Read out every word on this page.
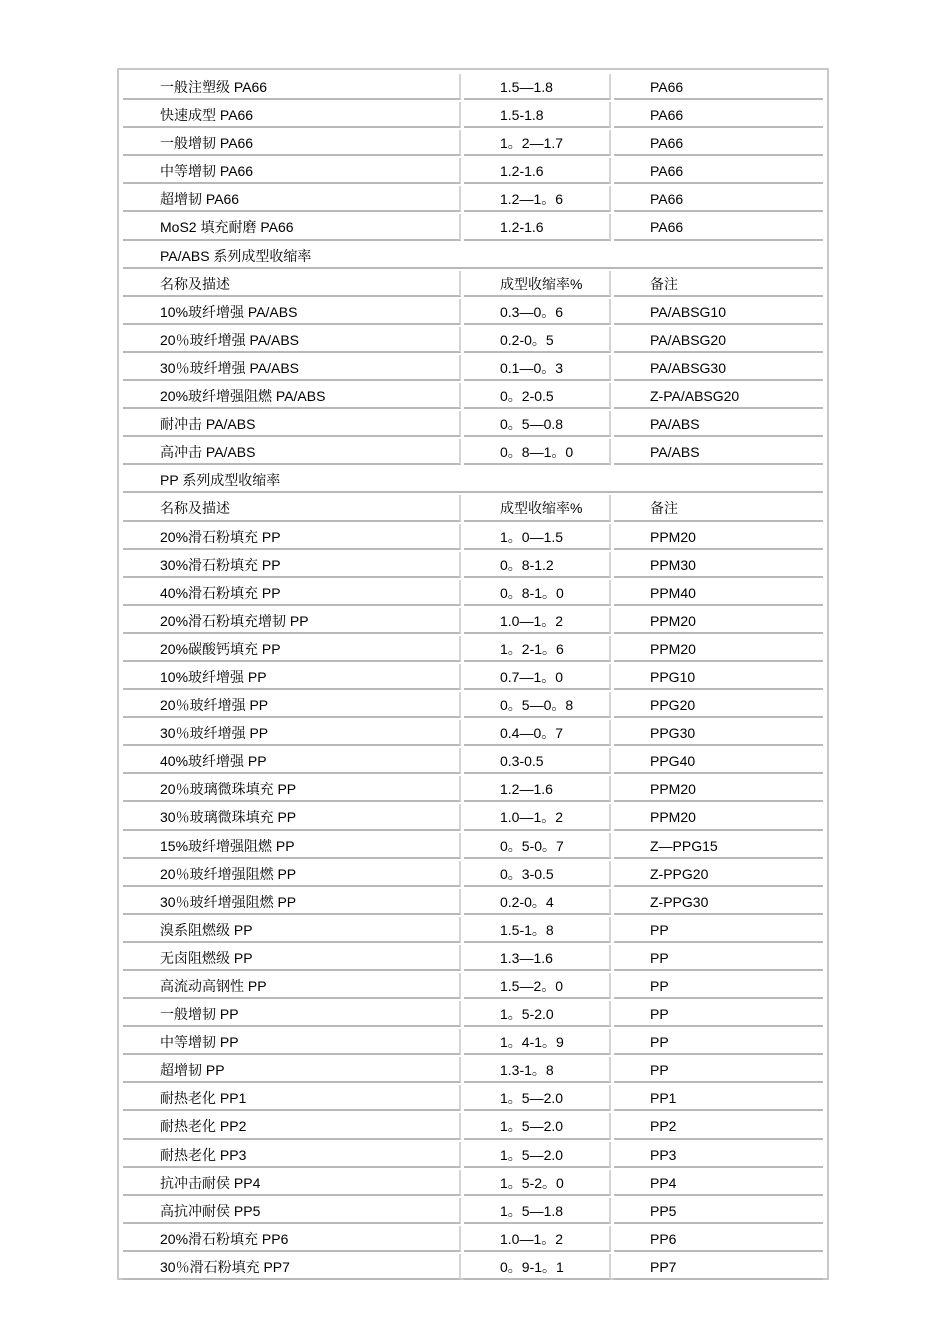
一般注塑级 PA66	1.5—1.8	PA66
快速成型 PA66	1.5-1.8	PA66
一般增韧 PA66	1。2—1.7	PA66
中等增韧 PA66	1.2-1.6	PA66
超增韧 PA66	1.2—1。6	PA66
MoS2 填充耐磨 PA66	1.2-1.6	PA66
PA/ABS 系列成型收缩率
名称及描述	成型收缩率%	备注
10%玻纤增强 PA/ABS	0.3—0。6	PA/ABSG10
20％玻纤增强 PA/ABS	0.2-0。5	PA/ABSG20
30％玻纤增强 PA/ABS	0.1—0。3	PA/ABSG30
20%玻纤增强阻燃 PA/ABS	0。2-0.5	Z-PA/ABSG20
耐冲击 PA/ABS	0。5—0.8	PA/ABS
高冲击 PA/ABS	0。8—1。0	PA/ABS
PP 系列成型收缩率
名称及描述	成型收缩率%	备注
20%滑石粉填充 PP	1。0—1.5	PPM20
30%滑石粉填充 PP	0。8-1.2	PPM30
40%滑石粉填充 PP	0。8-1。0	PPM40
20%滑石粉填充增韧 PP	1.0—1。2	PPM20
20%碳酸钙填充 PP	1。2-1。6	PPM20
10%玻纤增强 PP	0.7—1。0	PPG10
20％玻纤增强 PP	0。5—0。8	PPG20
30％玻纤增强 PP	0.4—0。7	PPG30
40%玻纤增强 PP	0.3-0.5	PPG40
20％玻璃微珠填充 PP	1.2—1.6	PPM20
30％玻璃微珠填充 PP	1.0—1。2	PPM20
15%玻纤增强阻燃 PP	0。5-0。7	Z—PPG15
20％玻纤增强阻燃 PP	0。3-0.5	Z-PPG20
30％玻纤增强阻燃 PP	0.2-0。4	Z-PPG30
溴系阻燃级 PP	1.5-1。8	PP
无卤阻燃级 PP	1.3—1.6	PP
高流动高钢性 PP	1.5—2。0	PP
一般增韧 PP	1。5-2.0	PP
中等增韧 PP	1。4-1。9	PP
超增韧 PP	1.3-1。8	PP
耐热老化 PP1	1。5—2.0	PP1
耐热老化 PP2	1。5—2.0	PP2
耐热老化 PP3	1。5—2.0	PP3
抗冲击耐侯 PP4	1。5-2。0	PP4
高抗冲耐侯 PP5	1。5—1.8	PP5
20%滑石粉填充 PP6	1.0—1。2	PP6
30％滑石粉填充 PP7	0。9-1。1	PP7
